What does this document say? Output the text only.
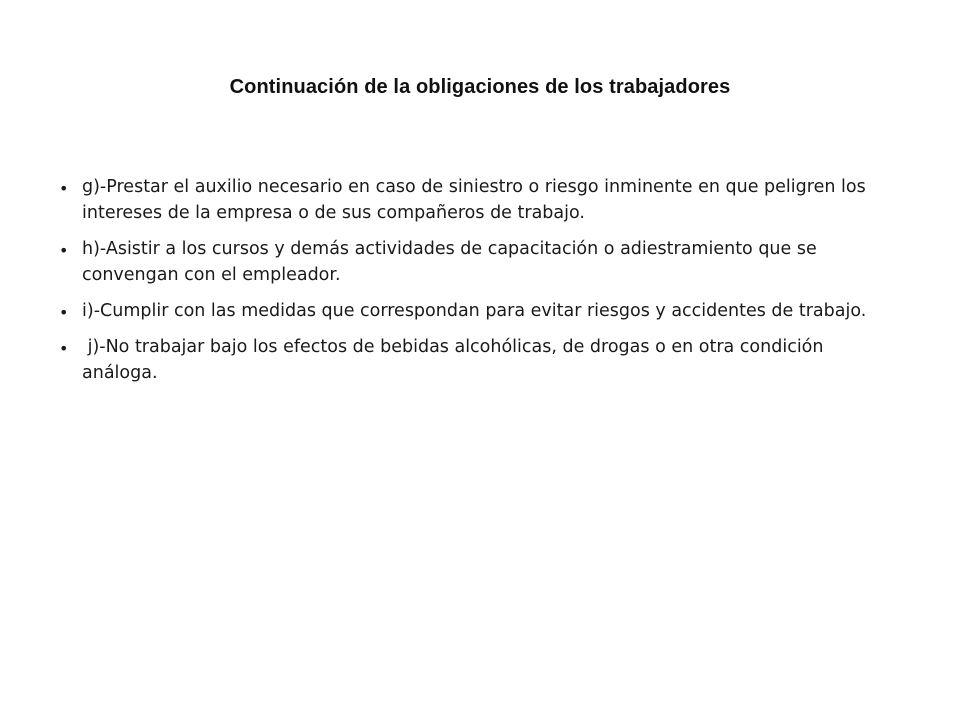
Continuación de la obligaciones de los trabajadores
• g)-Prestar el auxilio necesario en caso de siniestro o riesgo inminente en que peligren los intereses de la empresa o de sus compañeros de trabajo.
• h)-Asistir a los cursos y demás actividades de capacitación o adiestramiento que se convengan con el empleador.
• i)-Cumplir con las medidas que correspondan para evitar riesgos y accidentes de trabajo.
• j)-No trabajar bajo los efectos de bebidas alcohólicas, de drogas o en otra condición análoga.
